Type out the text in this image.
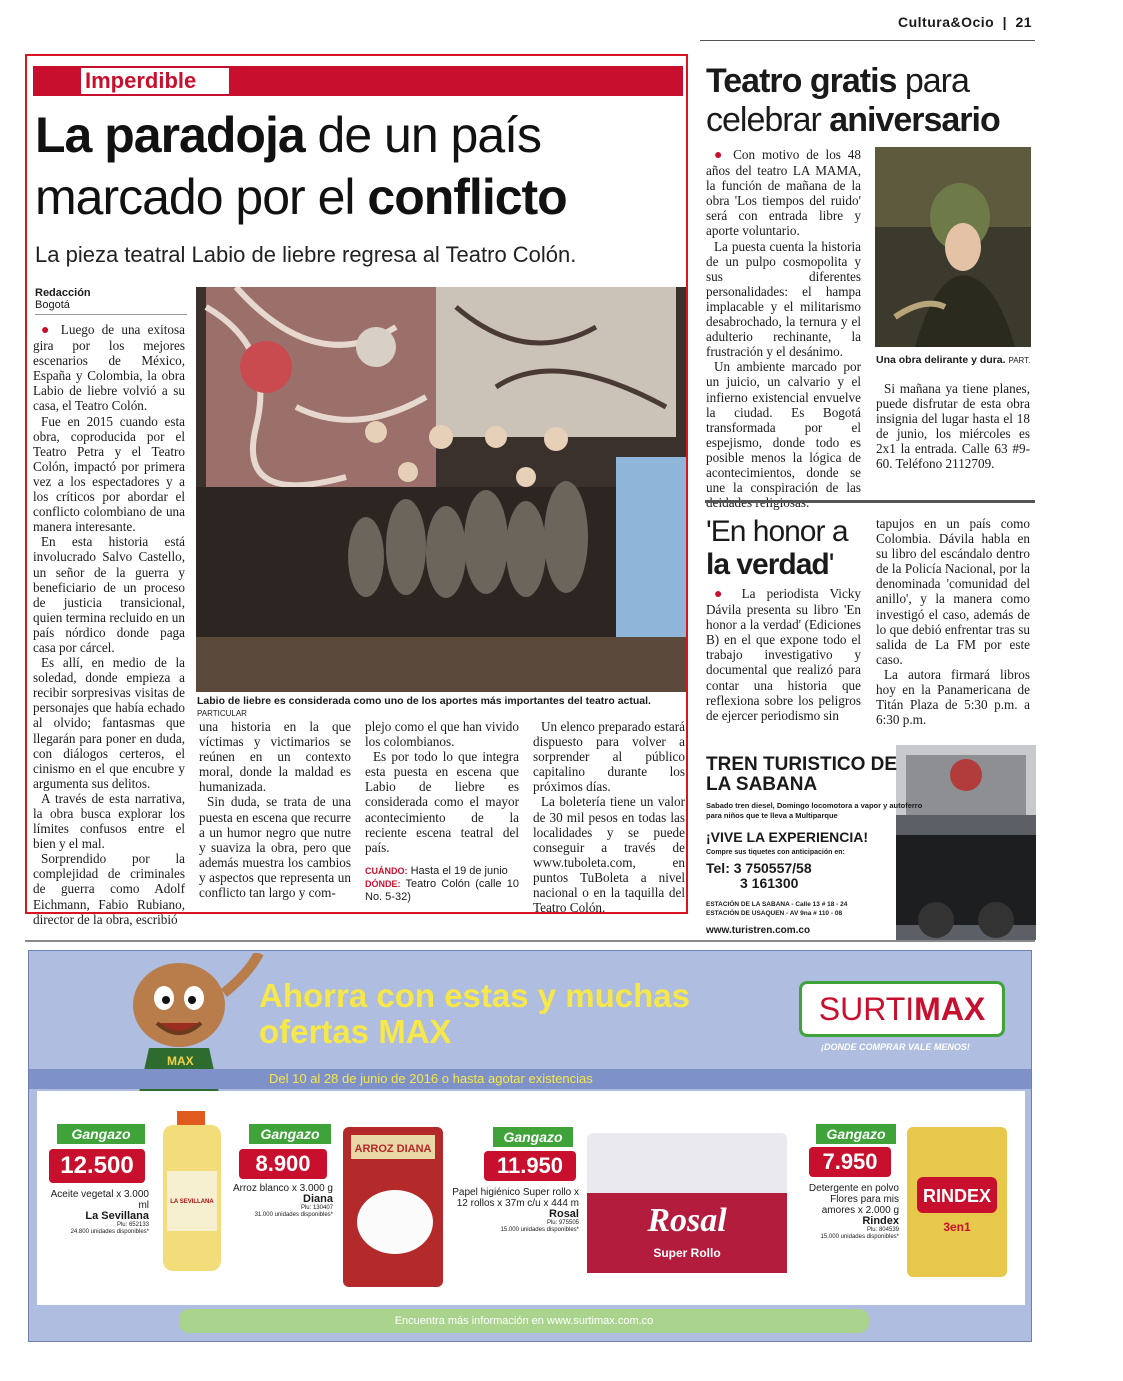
Cultura&Ocio | 21
Imperdible
La paradoja de un país
marcado por el conflicto
La pieza teatral Labio de liebre regresa al Teatro Colón.
Redacción
Bogotá

● Luego de una exitosa gira por los mejores escenarios de México, España y Colombia, la obra Labio de liebre volvió a su casa, el Teatro Colón.

Fue en 2015 cuando esta obra, coproducida por el Teatro Petra y el Teatro Colón, impactó por primera vez a los espectadores y a los críticos por abordar el conflicto colombiano de una manera interesante.

En esta historia está involucrado Salvo Castello, un señor de la guerra y beneficiario de un proceso de justicia transicional, quien termina recluido en un país nórdico donde paga casa por cárcel.

Es allí, en medio de la soledad, donde empieza a recibir sorpresivas visitas de personajes que había echado al olvido; fantasmas que llegarán para poner en duda, con diálogos certeros, el cinismo en el que encubre y argumenta sus delitos.

A través de esta narrativa, la obra busca explorar los límites confusos entre el bien y el mal.

Sorprendido por la complejidad de criminales de guerra como Adolf Eichmann, Fabio Rubiano, director de la obra, escribió

Labio de liebre es considerada como uno de los aportes más importantes del teatro actual. PARTICULAR

una historia en la que víctimas y victimarios se reúnen en un contexto moral, donde la maldad es humanizada.

Sin duda, se trata de una puesta en escena que recurre a un humor negro que nutre y suaviza la obra, pero que además muestra los cambios y aspectos que representa un conflicto tan largo y com-

plejo como el que han vivido los colombianos.

Es por todo lo que integra esta puesta en escena que Labio de liebre es considerada como el mayor acontecimiento de la reciente escena teatral del país.

CUÁNDO: Hasta el 19 de junio
DÓNDE: Teatro Colón (calle 10 No. 5-32)

Un elenco preparado estará dispuesto para volver a sorprender al público capitalino durante los próximos días.

La boletería tiene un valor de 30 mil pesos en todas las localidades y se puede conseguir a través de www.tuboleta.com, en puntos TuBoleta a nivel nacional o en la taquilla del Teatro Colón.

Teatro gratis para
celebrar aniversario

● Con motivo de los 48 años del teatro LA MAMA, la función de mañana de la obra 'Los tiempos del ruido' será con entrada libre y aporte voluntario.

La puesta cuenta la historia de un pulpo cosmopolita y sus diferentes personalidades: el hampa implacable y el militarismo desabrochado, la ternura y el adulterio rechinante, la frustración y el desánimo.

Un ambiente marcado por un juicio, un calvario y el infierno existencial envuelve la ciudad. Es Bogotá transformada por el espejismo, donde todo es posible menos la lógica de acontecimientos, donde se une la conspiración de las

Una obra delirante y dura. PART.

Si mañana ya tiene planes, puede disfrutar de esta obra insignia del lugar hasta el 18 de junio, los miércoles es 2x1 la entrada. Calle 63 #9-60. Teléfono 2112709.

'En honor a
la verdad'

● La periodista Vicky Dávila presenta su libro 'En honor a la verdad' (Ediciones B) en el que expone todo el trabajo investigativo y documental que realizó para contar una historia que reflexiona sobre los peligros de ejercer periodismo sin

tapujos en un país como Colombia. Dávila habla en su libro del escándalo dentro de la Policía Nacional, por la denominada 'comunidad del anillo', y la manera como investigó el caso, además de lo que debió enfrentar tras su salida de La FM por este caso.

La autora firmará libros hoy en la Panamericana de Titán Plaza de 5:30 p.m. a 6:30 p.m.

TREN TURISTICO DE
LA SABANA
Sabado tren diesel, Domingo locomotora a vapor y autoferro para niños que te lleva a Multiparque
¡VIVE LA EXPERIENCIA!
Compre sus tiquetes con anticipación en:
Tel: 3 750557/58
3 161300
ESTACIÓN DE LA SABANA - Calle 13 # 18 - 24
ESTACIÓN DE USAQUEN - AV 9na # 110 - 08
www.turistren.com.co
MAX
Ahorra con estas y muchas
ofertas MAX
SURTIMAX
¡DONDE COMPRAR VALE MENOS!
Del 10 al 28 de junio de 2016 o hasta agotar existencias
Gangazo
12.500
Aceite vegetal x 3.000 ml
La Sevillana
Plu: 652133
24.800 unidades disponibles*
LA SEVILLANA
Gangazo
8.900
Arroz blanco x 3.000 g
Diana
Plu: 130407
31.000 unidades disponibles*
ARROZ DIANA
Gangazo
11.950
Papel higiénico Super rollo x 12 rollos x 37m c/u x 444 m
Rosal
Plu: 975505
15.000 unidades disponibles* Rosal
Super Rollo
Gangazo
7.950
Detergente en polvo Flores para mis amores x 2.000 g
Rindex
Plu: 804539
15.000 unidades disponibles*
RINDEX
3en1
Encuentra más información en www.surtimax.com.co
